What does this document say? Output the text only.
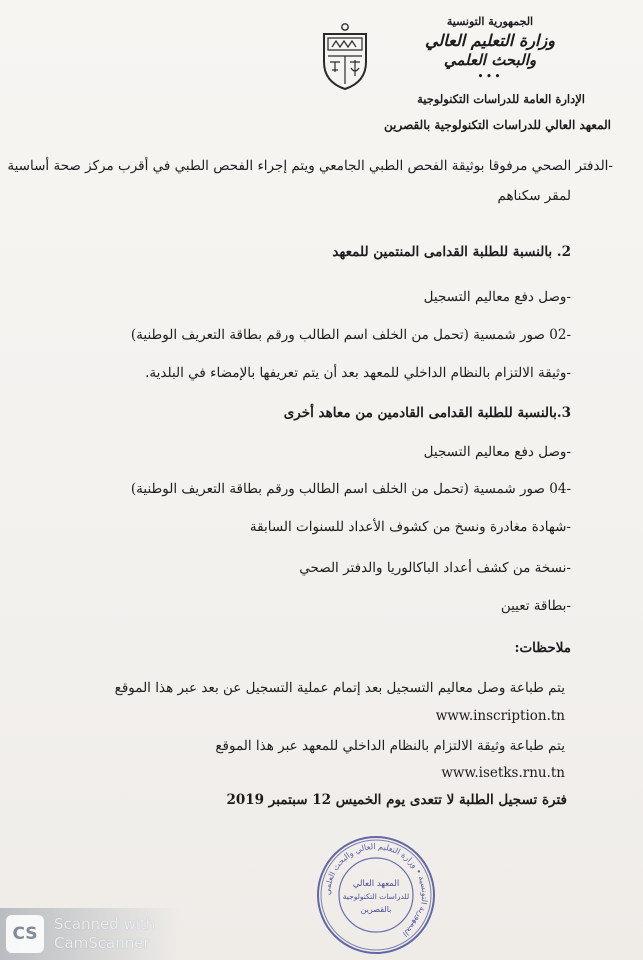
الجمهورية التونسية
وزارة التعليم العالي
والبحث العلمي
•••
الإدارة العامة للدراسات التكنولوجية
المعهد العالي للدراسات التكنولوجية بالقصرين
-الدفتر الصحي مرفوقا بوثيقة الفحص الطبي الجامعي ويتم إجراء الفحص الطبي في أقرب مركز صحة أساسية
لمقر سكناهم
2. بالنسبة للطلبة القدامى المنتمين للمعهد
-وصل دفع معاليم التسجيل
-02 صور شمسية (تحمل من الخلف اسم الطالب ورقم بطاقة التعريف الوطنية)
-وثيقة الالتزام بالنظام الداخلي للمعهد بعد أن يتم تعريفها بالإمضاء في البلدية.
3.بالنسبة للطلبة القدامى القادمين من معاهد أخرى
-وصل دفع معاليم التسجيل
-04 صور شمسية (تحمل من الخلف اسم الطالب ورقم بطاقة التعريف الوطنية)
-شهادة مغادرة ونسخ من كشوف الأعداد للسنوات السابقة
-نسخة من كشف أعداد الباكالوريا والدفتر الصحي
-بطاقة تعيين
ملاحظات:
يتم طباعة وصل معاليم التسجيل بعد إتمام عملية التسجيل عن بعد عبر هذا الموقع
www.inscription.tn
يتم طباعة وثيقة الالتزام بالنظام الداخلي للمعهد عبر هذا الموقع
www.isetks.rnu.tn
فترة تسجيل الطلبة لا تتعدى يوم الخميس 12 سبتمبر 2019
الجمهورية التونسية • وزارة التعليم العالي والبحث العلمي
المعهد العالي
للدراسات التكنولوجية
بالقصرين
CS	Scanned with
CamScanner
